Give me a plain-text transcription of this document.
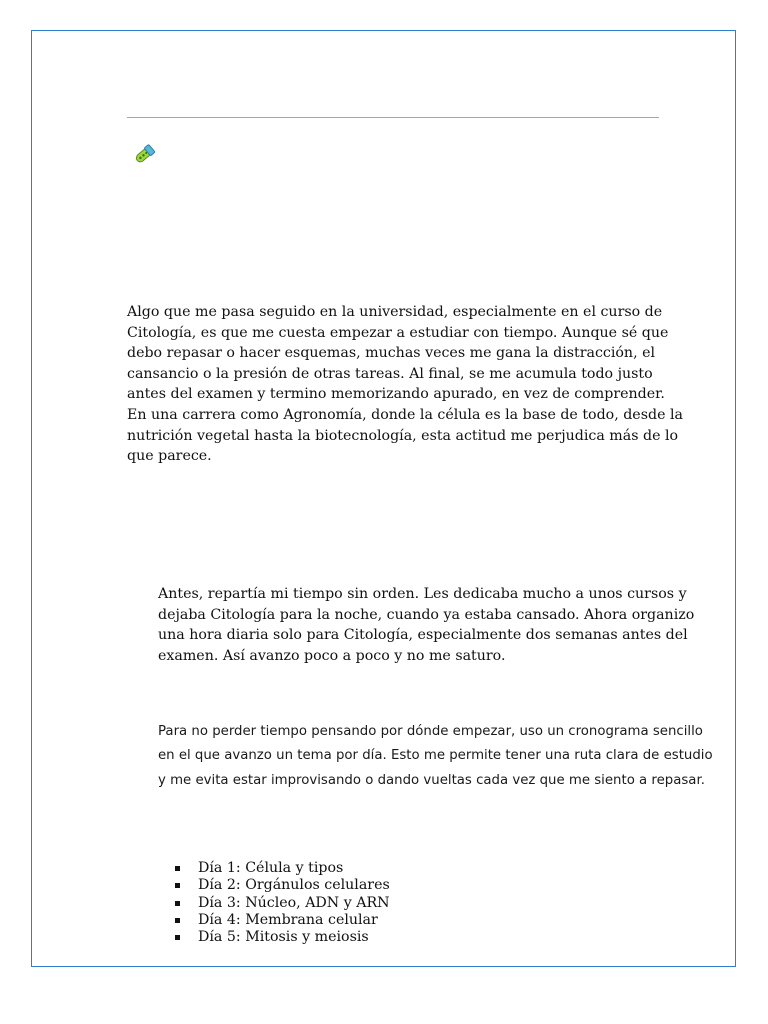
Algo que me pasa seguido en la universidad, especialmente en el curso de Citología, es que me cuesta empezar a estudiar con tiempo. Aunque sé que debo repasar o hacer esquemas, muchas veces me gana la distracción, el cansancio o la presión de otras tareas. Al final, se me acumula todo justo antes del examen y termino memorizando apurado, en vez de comprender. En una carrera como Agronomía, donde la célula es la base de todo, desde la nutrición vegetal hasta la biotecnología, esta actitud me perjudica más de lo que parece.

Antes, repartía mi tiempo sin orden. Les dedicaba mucho a unos cursos y dejaba Citología para la noche, cuando ya estaba cansado. Ahora organizo una hora diaria solo para Citología, especialmente dos semanas antes del examen. Así avanzo poco a poco y no me saturo.

Para no perder tiempo pensando por dónde empezar, uso un cronograma sencillo en el que avanzo un tema por día. Esto me permite tener una ruta clara de estudio y me evita estar improvisando o dando vueltas cada vez que me siento a repasar.

Día 1: Célula y tipos
Día 2: Orgánulos celulares
Día 3: Núcleo, ADN y ARN
Día 4: Membrana celular
Día 5: Mitosis y meiosis
